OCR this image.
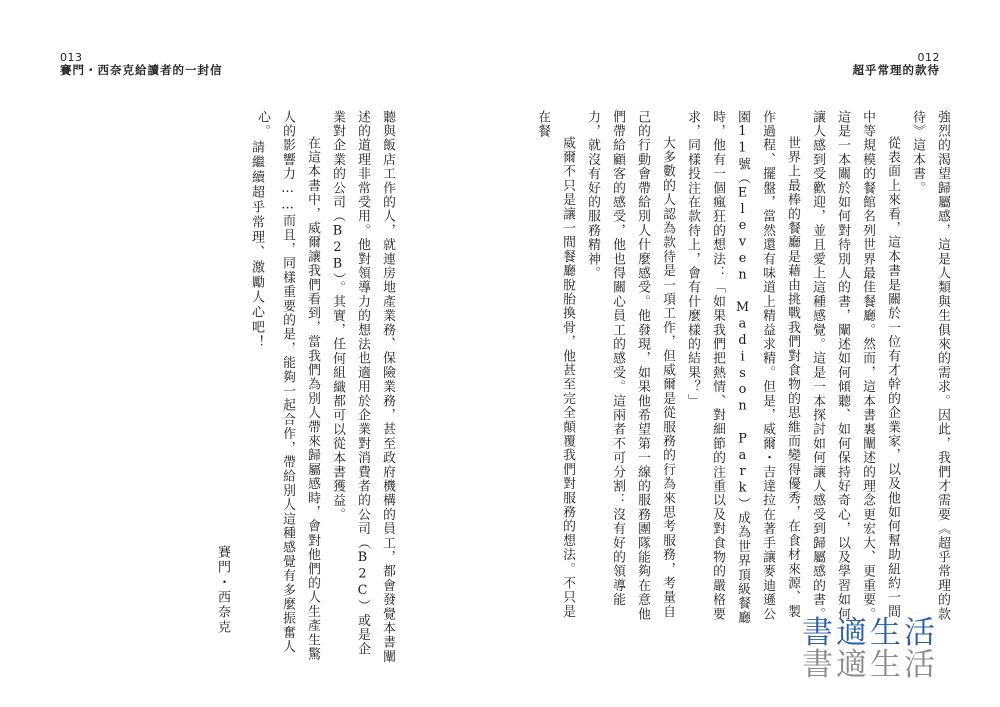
013
賽門・西奈克給讀者的一封信
012
超乎常理的款待

強烈的渴望歸屬感，這是人類與生俱來的需求。因此，我們才需要《超乎常理的款待》這本書。

從表面上來看，這本書是關於一位有才幹的企業家，以及他如何幫助紐約一間中等規模的餐館名列世界最佳餐廳。然而，這本書裏闡述的理念更宏大、更重要。這是一本關於如何對待別人的書，闡述如何傾聽、如何保持好奇心，以及學習如何讓人感到受歡迎，並且愛上這種感覺。這是一本探討如何讓人感受到歸屬感的書。

世界上最棒的餐廳是藉由挑戰我們對食物的思維而變得優秀，在食材來源、製作過程、擺盤，當然還有味道上精益求精。但是，威爾・吉達拉在著手讓麥迪遜公園11號（Eleven Madison Park）成為世界頂級餐廳時，他有一個瘋狂的想法：「如果我們把熱情、對細節的注重以及對食物的嚴格要求，同樣投注在款待上，會有什麼樣的結果？」

大多數的人認為款待是一項工作，但威爾是從服務的行為來思考服務，考量自己的行動會帶給別人什麼感受。他發現，如果他希望第一線的服務團隊能夠在意他們帶給顧客的感受，他也得關心員工的感受。這兩者不可分割：沒有好的領導能力，就沒有好的服務精神。

威爾不只是讓一間餐廳脫胎換骨，他甚至完全顛覆我們對服務的想法。不只是在餐

聽與飯店工作的人，就連房地產業務、保險業務，甚至政府機構的員工，都會發覺本書闡述的道理非常受用。他對領導力的想法也適用於企業對消費者的公司（B2C）或是企業對企業的公司（B2B）。其實，任何組織都可以從本書獲益。

在這本書中，威爾讓我們看到，當我們為別人帶來歸屬感時，會對他們的人生產生驚人的影響力……而且，同樣重要的是，能夠一起合作，帶給別人這種感覺有多麼振奮人心。

請繼續超乎常理、激勵人心吧！
賽門・西奈克	書適生活
書適生活
